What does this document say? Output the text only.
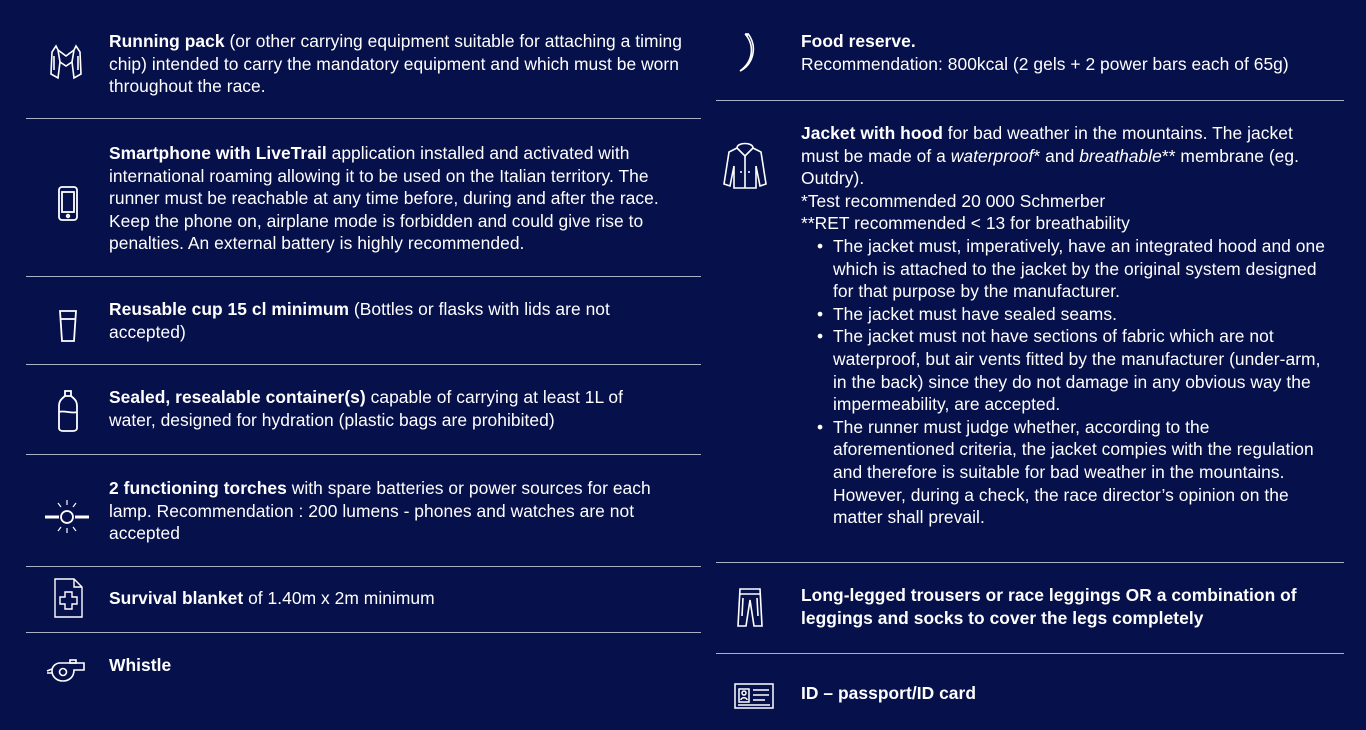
Running pack (or other carrying equipment suitable for attaching a timing chip) intended to carry the mandatory equipment and which must be worn throughout the race.
Smartphone with LiveTrail application installed and activated with international roaming allowing it to be used on the Italian territory. The runner must be reachable at any time before, during and after the race. Keep the phone on, airplane mode is forbidden and could give rise to penalties. An external battery is highly recommended.
Reusable cup 15 cl minimum (Bottles or flasks with lids are not accepted)
Sealed, resealable container(s) capable of carrying at least 1L of water, designed for hydration (plastic bags are prohibited)
2 functioning torches with spare batteries or power sources for each lamp. Recommendation : 200 lumens - phones and watches are not accepted
Survival blanket of 1.40m x 2m minimum
Whistle
Food reserve.
Recommendation: 800kcal (2 gels + 2 power bars each of 65g)
Jacket with hood for bad weather in the mountains. The jacket must be made of a waterproof* and breathable** membrane (eg. Outdry).
*Test recommended 20 000 Schmerber
**RET recommended < 13 for breathability
• The jacket must, imperatively, have an integrated hood and one which is attached to the jacket by the original system designed for that purpose by the manufacturer.
• The jacket must have sealed seams.
• The jacket must not have sections of fabric which are not waterproof, but air vents fitted by the manufacturer (under-arm, in the back) since they do not damage in any obvious way the impermeability, are accepted.
• The runner must judge whether, according to the aforementioned criteria, the jacket compies with the regulation and therefore is suitable for bad weather in the mountains. However, during a check, the race director’s opinion on the matter shall prevail.
Long-legged trousers or race leggings OR a combination of leggings and socks to cover the legs completely
ID – passport/ID card
